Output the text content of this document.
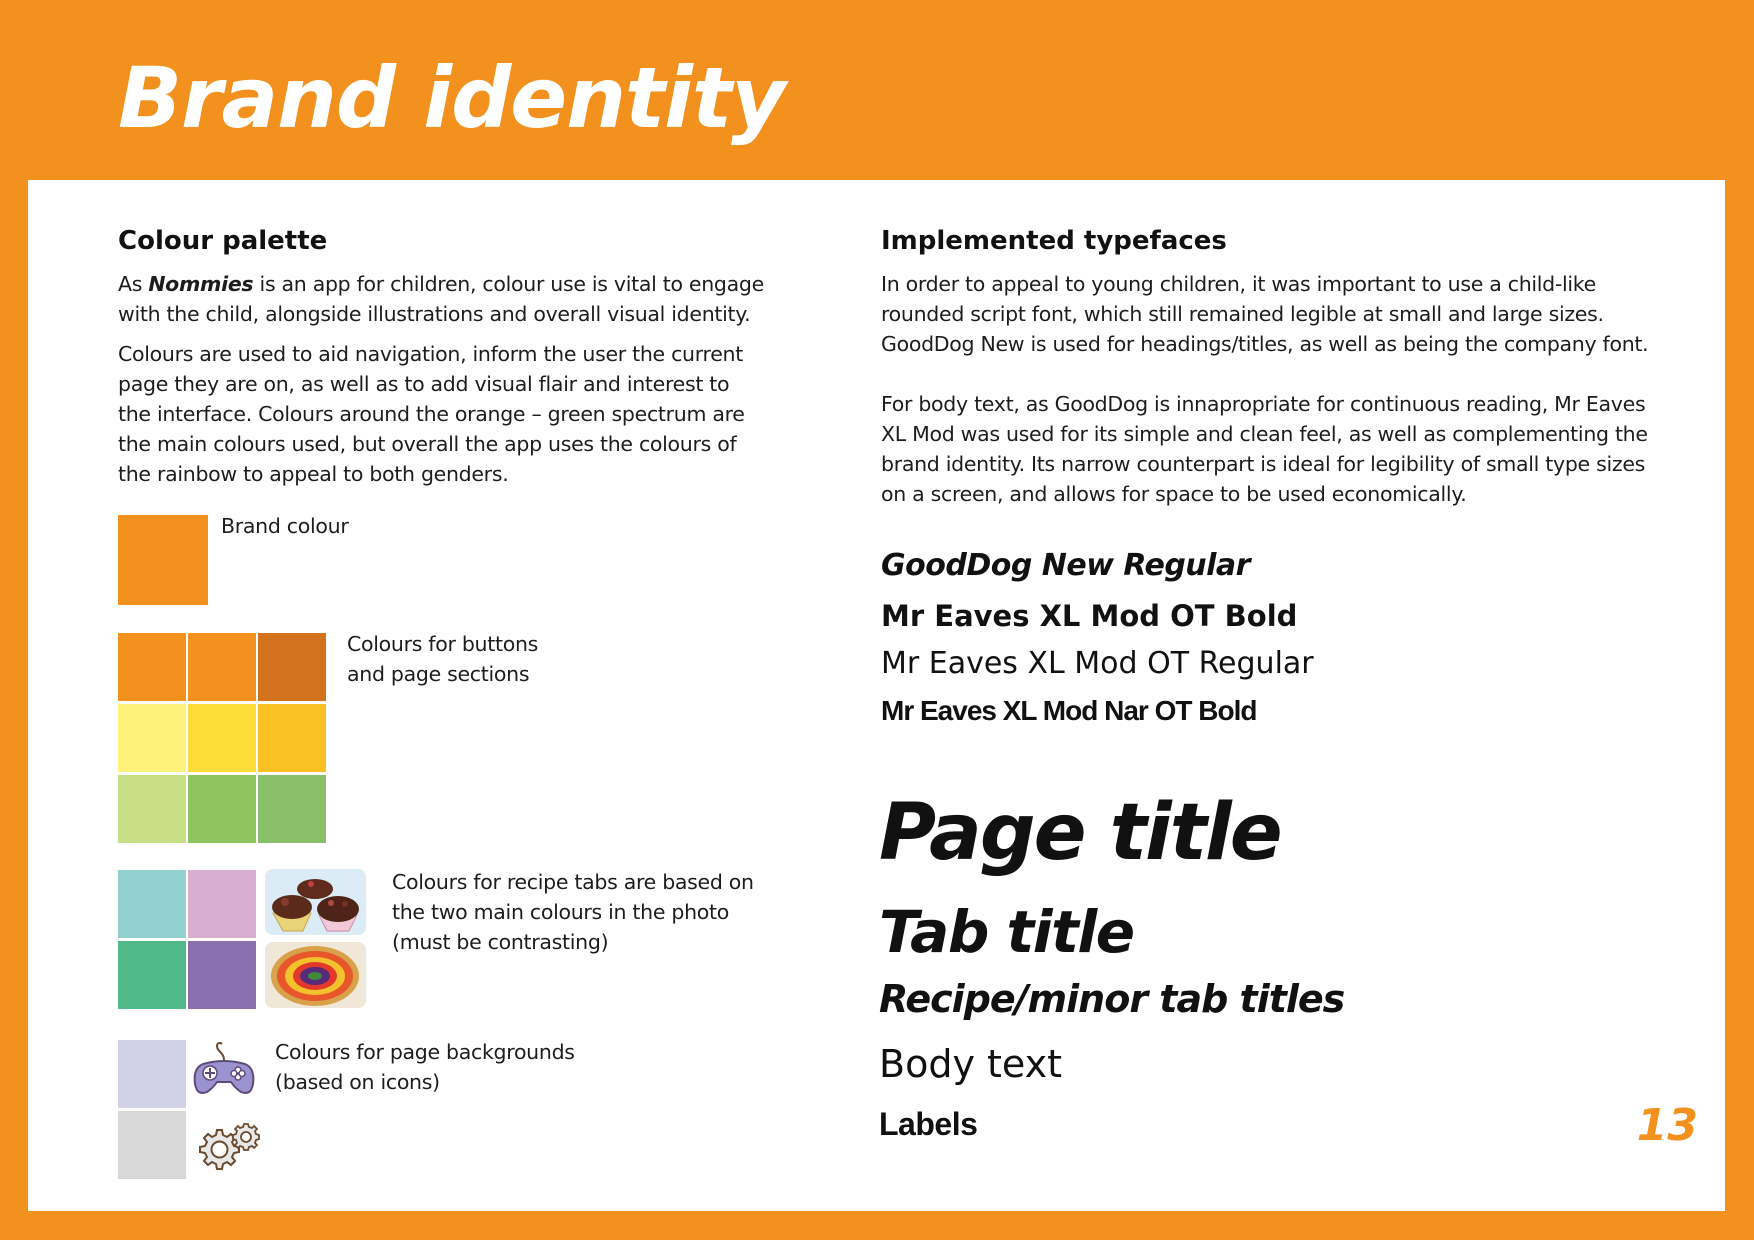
Brand identity
Colour palette

As Nommies is an app for children, colour use is vital to engage with the child, alongside illustrations and overall visual identity.

Colours are used to aid navigation, inform the user the current page they are on, as well as to add visual flair and interest to the interface. Colours around the orange – green spectrum are the main colours used, but overall the app uses the colours of the rainbow to appeal to both genders.

Brand colour

Colours for buttons
and page sections

Colours for recipe tabs are based on
the two main colours in the photo
(must be contrasting)

Colours for page backgrounds
(based on icons)

Implemented typefaces

In order to appeal to young children, it was important to use a child-like rounded script font, which still remained legible at small and large sizes. GoodDog New is used for headings/titles, as well as being the company font.

For body text, as GoodDog is innapropriate for continuous reading, Mr Eaves XL Mod was used for its simple and clean feel, as well as complementing the brand identity. Its narrow counterpart is ideal for legibility of small type sizes on a screen, and allows for space to be used economically.

GoodDog New Regular

Mr Eaves XL Mod OT Bold

Mr Eaves XL Mod OT Regular

Mr Eaves XL Mod Nar OT Bold

Page title

Tab title

Recipe/minor tab titles

Body text

Labels	13
